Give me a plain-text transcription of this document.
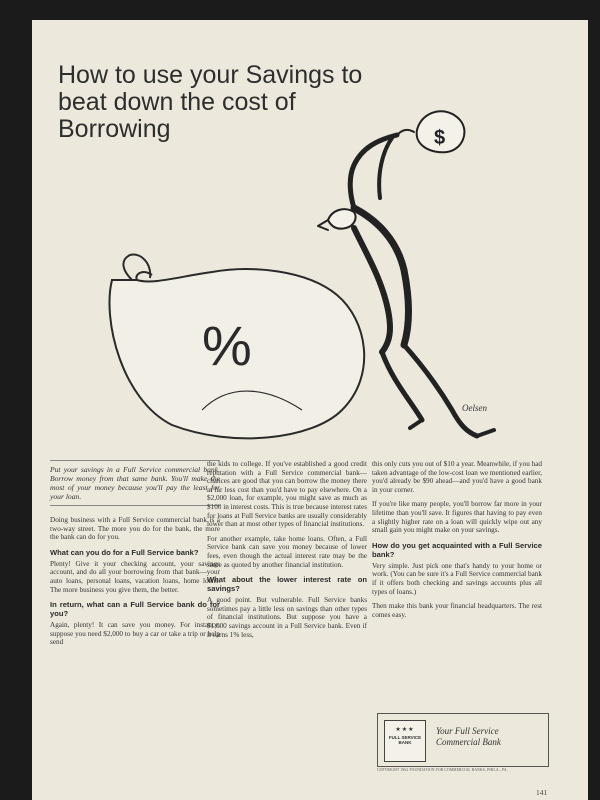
How to use your Savings to beat down the cost of Borrowing
%
$
Oelsen

Put your savings in a Full Service commercial bank. Borrow money from that same bank. You'll make the most of your money because you'll pay the least for your loan.

Doing business with a Full Service commercial bank is a two-way street. The more you do for the bank, the more the bank can do for you.

What can you do for a Full Service bank?

Plenty! Give it your checking account, your savings account, and do all your borrowing from that bank—your auto loans, personal loans, vacation loans, home loans. The more business you give them, the better.

In return, what can a Full Service bank do for you?

Again, plenty! It can save you money. For instance, suppose you need $2,000 to buy a car or take a trip or help send

the kids to college. If you've established a good credit reputation with a Full Service commercial bank—chances are good that you can borrow the money there at far less cost than you'd have to pay elsewhere. On a $2,000 loan, for example, you might save as much as $100 in interest costs. This is true because interest rates for loans at Full Service banks are usually considerably lower than at most other types of financial institutions.

For another example, take home loans. Often, a Full Service bank can save you money because of lower fees, even though the actual interest rate may be the same as quoted by another financial institution.

What about the lower interest rate on savings?

A good point. But vulnerable. Full Service banks sometimes pay a little less on savings than other types of financial institutions. But suppose you have a $1,000 savings account in a Full Service bank. Even if it earns 1% less,

this only cuts you out of $10 a year. Meanwhile, if you had taken advantage of the low-cost loan we mentioned earlier, you'd already be $90 ahead—and you'd have a good bank in your corner.

If you're like many people, you'll borrow far more in your lifetime than you'll save. It figures that having to pay even a slightly higher rate on a loan will quickly wipe out any small gain you might make on your savings.

How do you get acquainted with a Full Service bank?

Very simple. Just pick one that's handy to your home or work. (You can be sure it's a Full Service commercial bank if it offers both checking and savings accounts plus all types of loans.)

Then make this bank your financial headquarters. The rest comes easy.

★★★
FULL SERVICE BANK
Your Full Service Commercial Bank
COPYRIGHT 1962 FOUNDATION FOR COMMERCIAL BANKS, PHILA., PA.
141
